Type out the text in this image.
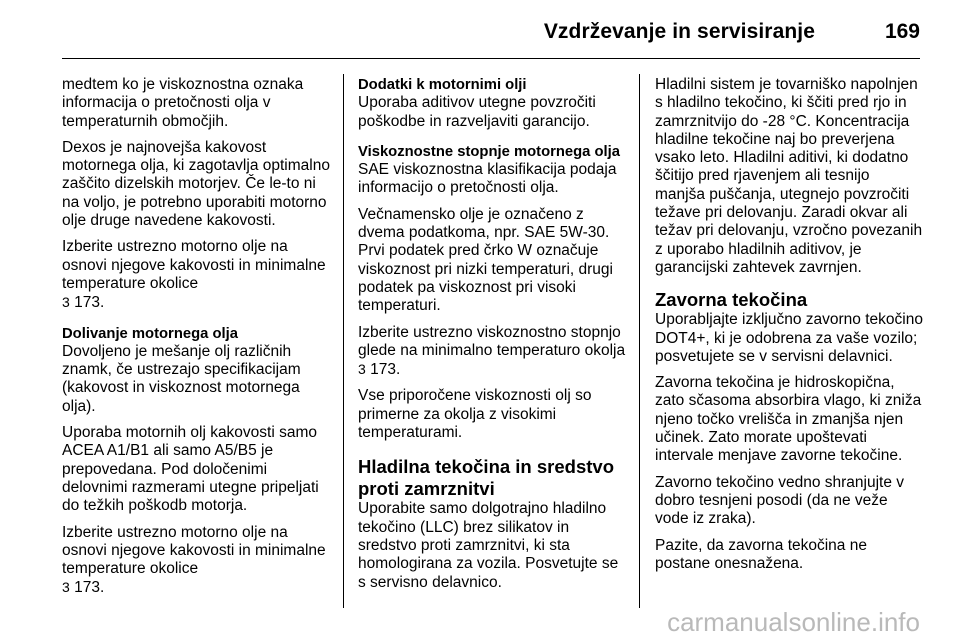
Vzdrževanje in servisiranje	169

medtem ko je viskoznostna oznaka informacija o pretočnosti olja v temperaturnih območjih.

Dexos je najnovejša kakovost motornega olja, ki zagotavlja optimalno zaščito dizelskih motorjev. Če le-to ni na voljo, je potrebno uporabiti motorno olje druge navedene kakovosti.

Izberite ustrezno motorno olje na osnovi njegove kakovosti in minimalne temperature okolice
3 173.

Dolivanje motornega olja

Dovoljeno je mešanje olj različnih znamk, če ustrezajo specifikacijam (kakovost in viskoznost motornega olja).

Uporaba motornih olj kakovosti samo ACEA A1/B1 ali samo A5/B5 je prepovedana. Pod določenimi delovnimi razmerami utegne pripeljati do težkih poškodb motorja.

Izberite ustrezno motorno olje na osnovi njegove kakovosti in minimalne temperature okolice
3 173.

Dodatki k motornimi olji

Uporaba aditivov utegne povzročiti poškodbe in razveljaviti garancijo.

Viskoznostne stopnje motornega olja

SAE viskoznostna klasifikacija podaja informacijo o pretočnosti olja.

Večnamensko olje je označeno z dvema podatkoma, npr. SAE 5W-30. Prvi podatek pred črko W označuje viskoznost pri nizki temperaturi, drugi podatek pa viskoznost pri visoki temperaturi.

Izberite ustrezno viskoznostno stopnjo glede na minimalno temperaturo okolja 3 173.

Vse priporočene viskoznosti olj so primerne za okolja z visokimi temperaturami.

Hladilna tekočina in sredstvo proti zamrznitvi

Uporabite samo dolgotrajno hladilno tekočino (LLC) brez silikatov in sredstvo proti zamrznitvi, ki sta homologirana za vozila. Posvetujte se s servisno delavnico.

Hladilni sistem je tovarniško napolnjen s hladilno tekočino, ki ščiti pred rjo in zamrznitvijo do -28 °C. Koncentracija hladilne tekočine naj bo preverjena vsako leto. Hladilni aditivi, ki dodatno ščitijo pred rjavenjem ali tesnijo manjša puščanja, utegnejo povzročiti težave pri delovanju. Zaradi okvar ali težav pri delovanju, vzročno povezanih z uporabo hladilnih aditivov, je garancijski zahtevek zavrnjen.

Zavorna tekočina

Uporabljajte izključno zavorno tekočino DOT4+, ki je odobrena za vaše vozilo; posvetujete se v servisni delavnici.

Zavorna tekočina je hidroskopična, zato sčasoma absorbira vlago, ki zniža njeno točko vrelišča in zmanjša njen učinek. Zato morate upoštevati intervale menjave zavorne tekočine.

Zavorno tekočino vedno shranjujte v dobro tesnjeni posodi (da ne veže vode iz zraka).

Pazite, da zavorna tekočina ne postane onesnažena.

carmanualsonline.info
